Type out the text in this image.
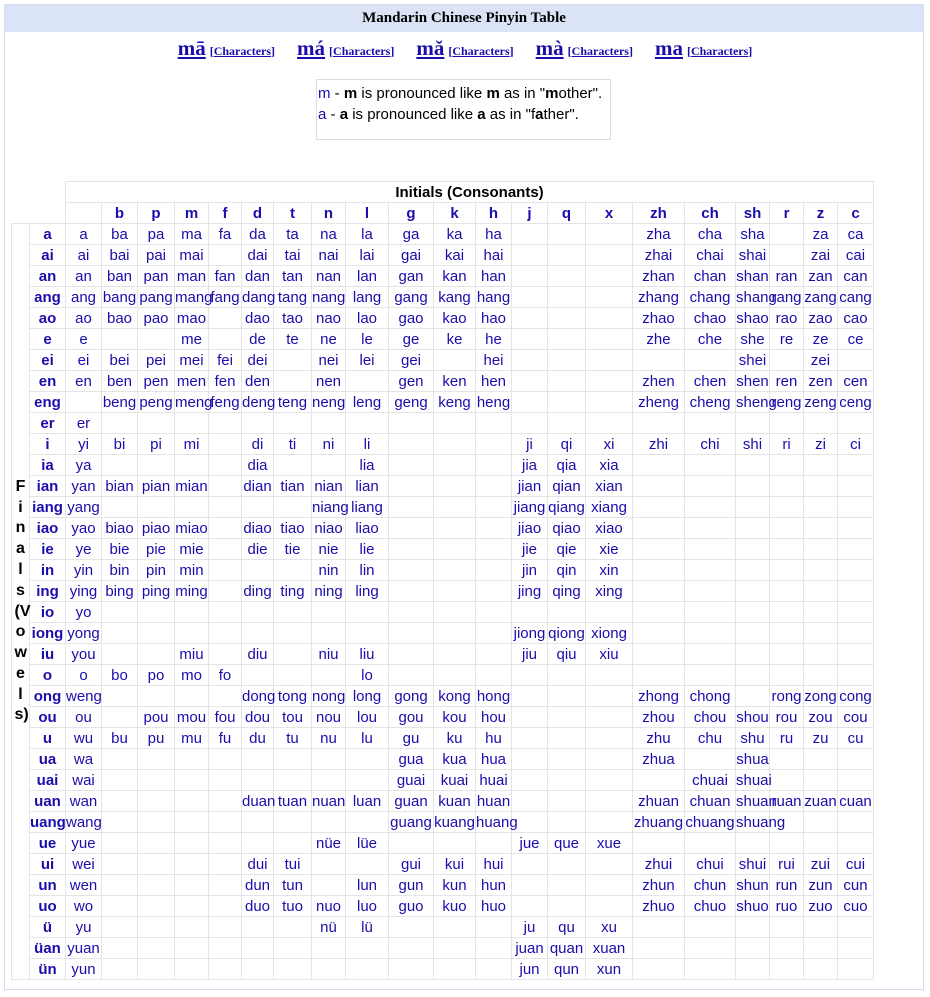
Mandarin Chinese Pinyin Table
mā [Characters] má [Characters] mǎ [Characters] mà [Characters] ma [Characters]
m - m is pronounced like m as in "mother".
a - a is pronounced like a as in "father".
		Initials (Consonants)																					
			b	p	m	f	d	t	n	l	g	k	h	j	q	x	zh	ch	sh	r	z	c	

Finals (Vowels)	a	a	ba	pa	ma	fa	da	ta	na	la	ga	ka	ha				zha	cha	sha		za	ca	
	ai	ai	bai	pai	mai		dai	tai	nai	lai	gai	kai	hai				zhai	chai	shai		zai	cai	
	an	an	ban	pan	man	fan	dan	tan	nan	lan	gan	kan	han				zhan	chan	shan	ran	zan	can	
	ang	ang	bang	pang	mang	fang	dang	tang	nang	lang	gang	kang	hang				zhang	chang	shang	rang	zang	cang	
	ao	ao	bao	pao	mao		dao	tao	nao	lao	gao	kao	hao				zhao	chao	shao	rao	zao	cao	
	e	e			me		de	te	ne	le	ge	ke	he				zhe	che	she	re	ze	ce	
	ei	ei	bei	pei	mei	fei	dei		nei	lei	gei		hei						shei		zei		
	en	en	ben	pen	men	fen	den		nen		gen	ken	hen				zhen	chen	shen	ren	zen	cen	
	eng		beng	peng	meng	feng	deng	teng	neng	leng	geng	keng	heng				zheng	cheng	sheng	reng	zeng	ceng	
	er	er																					
	i	yi	bi	pi	mi		di	ti	ni	li				ji	qi	xi	zhi	chi	shi	ri	zi	ci	
	ia	ya					dia			lia				jia	qia	xia							
	ian	yan	bian	pian	mian		dian	tian	nian	lian				jian	qian	xian							
	iang	yang							niang	liang				jiang	qiang	xiang							
	iao	yao	biao	piao	miao		diao	tiao	niao	liao				jiao	qiao	xiao							
	ie	ye	bie	pie	mie		die	tie	nie	lie				jie	qie	xie							
	in	yin	bin	pin	min				nin	lin				jin	qin	xin							
	ing	ying	bing	ping	ming		ding	ting	ning	ling				jing	qing	xing							
	io	yo																					
	iong	yong												jiong	qiong	xiong							
	iu	you			miu		diu		niu	liu				jiu	qiu	xiu							
	o	o	bo	po	mo	fo				lo													
	ong	weng					dong	tong	nong	long	gong	kong	hong				zhong	chong		rong	zong	cong	
	ou	ou		pou	mou	fou	dou	tou	nou	lou	gou	kou	hou				zhou	chou	shou	rou	zou	cou	
	u	wu	bu	pu	mu	fu	du	tu	nu	lu	gu	ku	hu				zhu	chu	shu	ru	zu	cu	
	ua	wa									gua	kua	hua				zhua		shua				
	uai	wai									guai	kuai	huai					chuai	shuai				
	uan	wan					duan	tuan	nuan	luan	guan	kuan	huan				zhuan	chuan	shuan	ruan	zuan	cuan	
	uang	wang									guang	kuang	huang				zhuang	chuang	shuang				
	ue	yue							nüe	lüe				jue	que	xue							
	ui	wei					dui	tui			gui	kui	hui				zhui	chui	shui	rui	zui	cui	
	un	wen					dun	tun		lun	gun	kun	hun				zhun	chun	shun	run	zun	cun	
	uo	wo					duo	tuo	nuo	luo	guo	kuo	huo				zhuo	chuo	shuo	ruo	zuo	cuo	
	ü	yu							nü	lü				ju	qu	xu							
	üan	yuan												juan	quan	xuan							
	ün	yun												jun	qun	xun							
